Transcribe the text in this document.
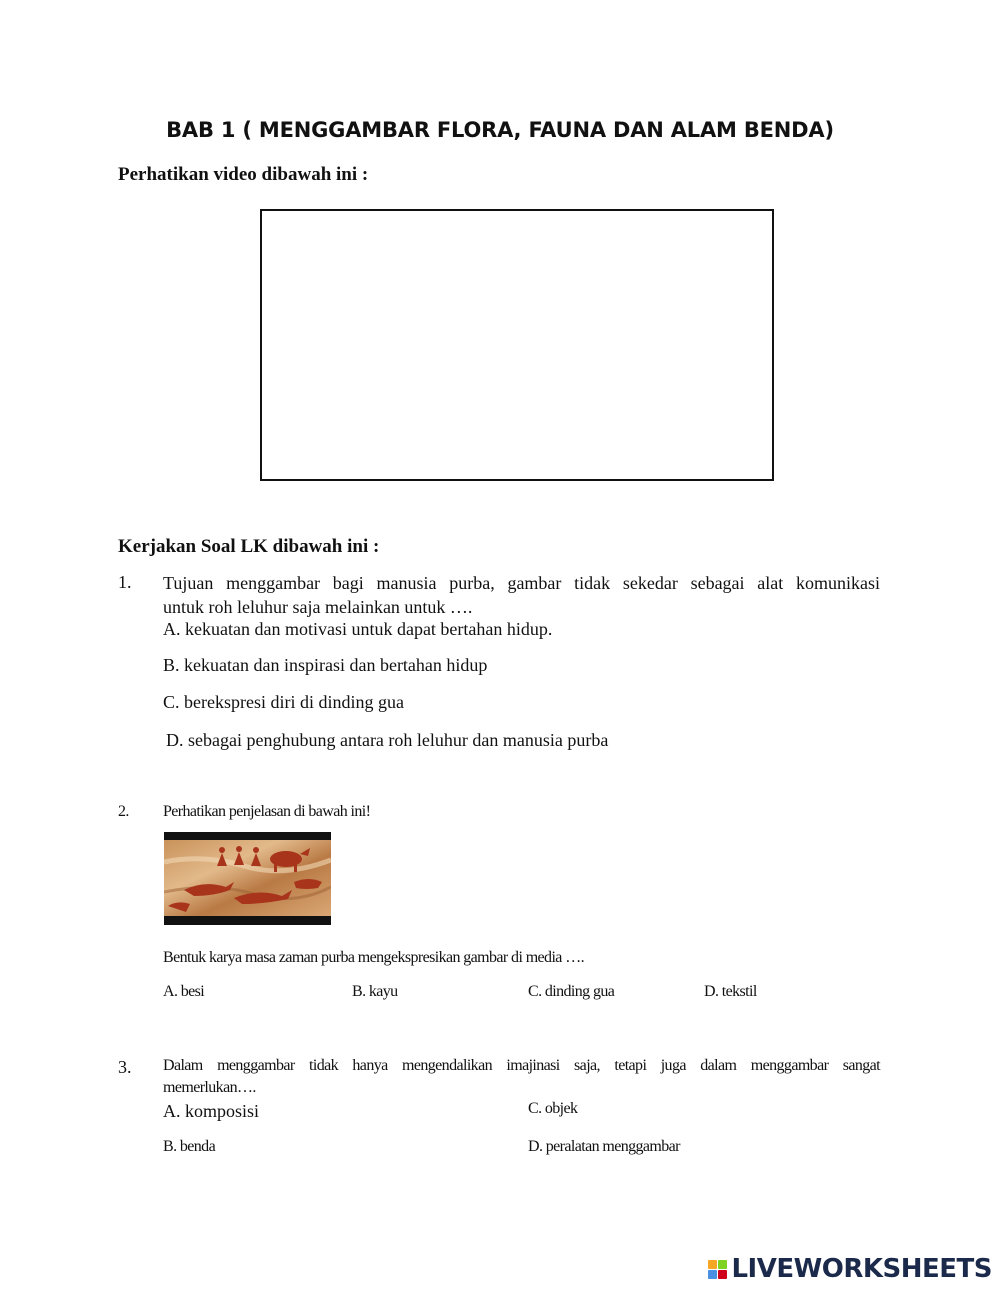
BAB 1 ( MENGGAMBAR FLORA, FAUNA DAN ALAM BENDA)
Perhatikan video dibawah ini :
Kerjakan Soal LK dibawah ini :
1. Tujuan menggambar bagi manusia purba, gambar tidak sekedar sebagai alat komunikasi
untuk roh leluhur saja melainkan untuk ….
A. kekuatan dan motivasi untuk dapat bertahan hidup.
B. kekuatan dan inspirasi dan bertahan hidup
C. berekspresi diri di dinding gua
D. sebagai penghubung antara roh leluhur dan manusia purba
2. Perhatikan penjelasan di bawah ini!
Bentuk karya masa zaman purba mengekspresikan gambar di media ….
A. besi	B. kayu	C. dinding gua	D. tekstil
3. Dalam menggambar tidak hanya mengendalikan imajinasi saja, tetapi juga dalam menggambar sangat
memerlukan….
A. komposisi	C. objek
B. benda	D. peralatan menggambar
LIVEWORKSHEETS
